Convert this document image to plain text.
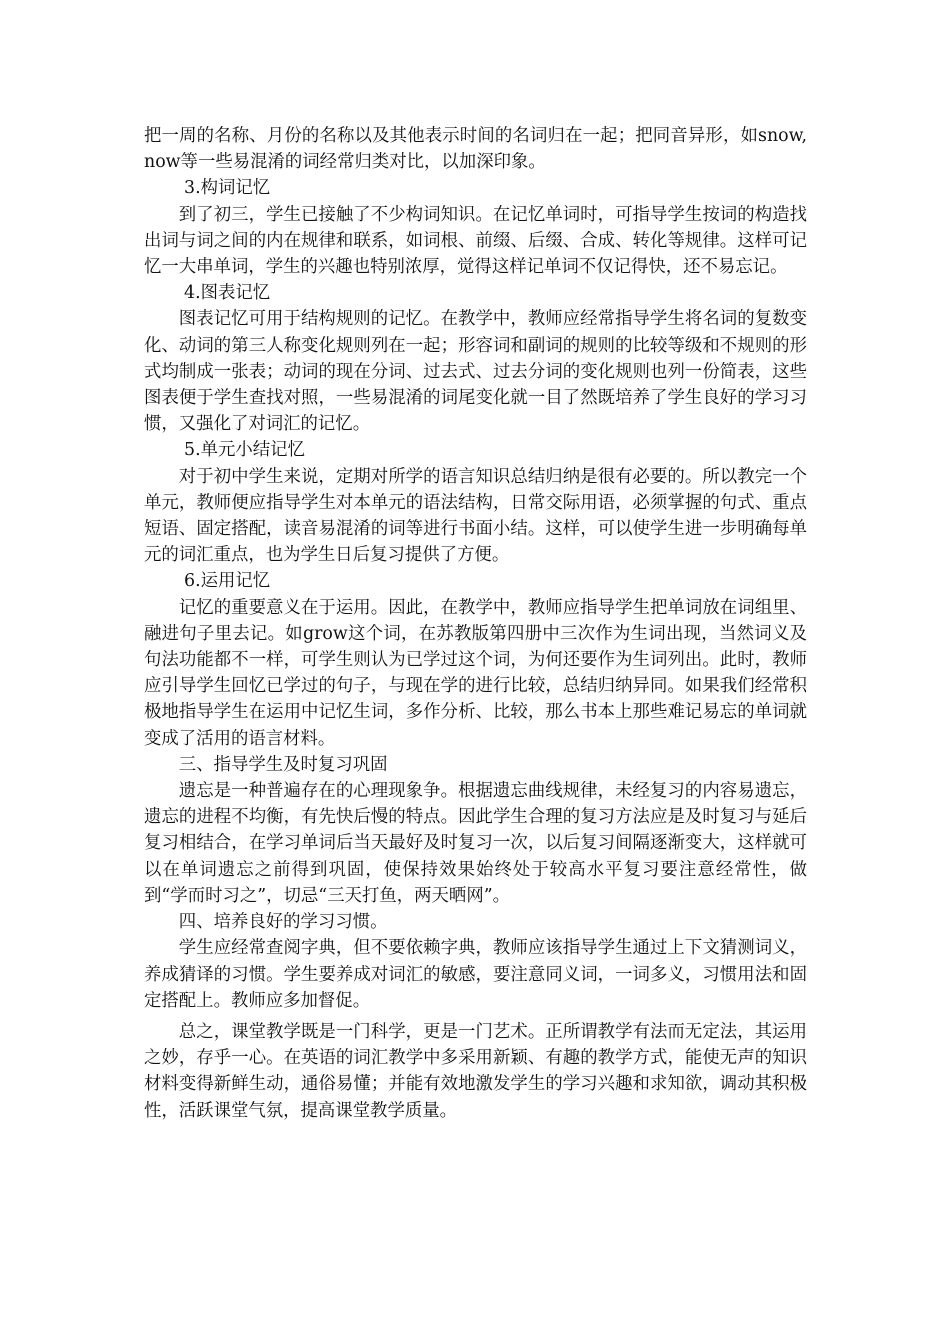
把一周的名称、月份的名称以及其他表示时间的名词归在一起；把同音异形，如snow, now等一些易混淆的词经常归类对比，以加深印象。

3.构词记忆

到了初三，学生已接触了不少构词知识。在记忆单词时，可指导学生按词的构造找出词与词之间的内在规律和联系，如词根、前缀、后缀、合成、转化等规律。这样可记忆一大串单词，学生的兴趣也特别浓厚，觉得这样记单词不仅记得快，还不易忘记。

4.图表记忆

图表记忆可用于结构规则的记忆。在教学中，教师应经常指导学生将名词的复数变化、动词的第三人称变化规则列在一起；形容词和副词的规则的比较等级和不规则的形式均制成一张表；动词的现在分词、过去式、过去分词的变化规则也列一份简表，这些图表便于学生查找对照，一些易混淆的词尾变化就一目了然既培养了学生良好的学习习惯，又强化了对词汇的记忆。

5.单元小结记忆

对于初中学生来说，定期对所学的语言知识总结归纳是很有必要的。所以教完一个单元，教师便应指导学生对本单元的语法结构，日常交际用语，必须掌握的句式、重点短语、固定搭配，读音易混淆的词等进行书面小结。这样，可以使学生进一步明确每单元的词汇重点，也为学生日后复习提供了方便。

6.运用记忆

记忆的重要意义在于运用。因此，在教学中，教师应指导学生把单词放在词组里、融进句子里去记。如grow这个词，在苏教版第四册中三次作为生词出现，当然词义及句法功能都不一样，可学生则认为已学过这个词，为何还要作为生词列出。此时，教师应引导学生回忆已学过的句子，与现在学的进行比较，总结归纳异同。如果我们经常积极地指导学生在运用中记忆生词，多作分析、比较，那么书本上那些难记易忘的单词就变成了活用的语言材料。

三、指导学生及时复习巩固

遗忘是一种普遍存在的心理现象争。根据遗忘曲线规律，未经复习的内容易遗忘，遗忘的进程不均衡，有先快后慢的特点。因此学生合理的复习方法应是及时复习与延后复习相结合，在学习单词后当天最好及时复习一次，以后复习间隔逐渐变大，这样就可以在单词遗忘之前得到巩固，使保持效果始终处于较高水平复习要注意经常性，做到“学而时习之”，切忌“三天打鱼，两天晒网”。

四、培养良好的学习习惯。

学生应经常查阅字典，但不要依赖字典，教师应该指导学生通过上下文猜测词义，养成猜译的习惯。学生要养成对词汇的敏感，要注意同义词，一词多义，习惯用法和固定搭配上。教师应多加督促。

总之，课堂教学既是一门科学，更是一门艺术。正所谓教学有法而无定法，其运用之妙，存乎一心。在英语的词汇教学中多采用新颖、有趣的教学方式，能使无声的知识材料变得新鲜生动，通俗易懂；并能有效地激发学生的学习兴趣和求知欲，调动其积极性，活跃课堂气氛，提高课堂教学质量。
